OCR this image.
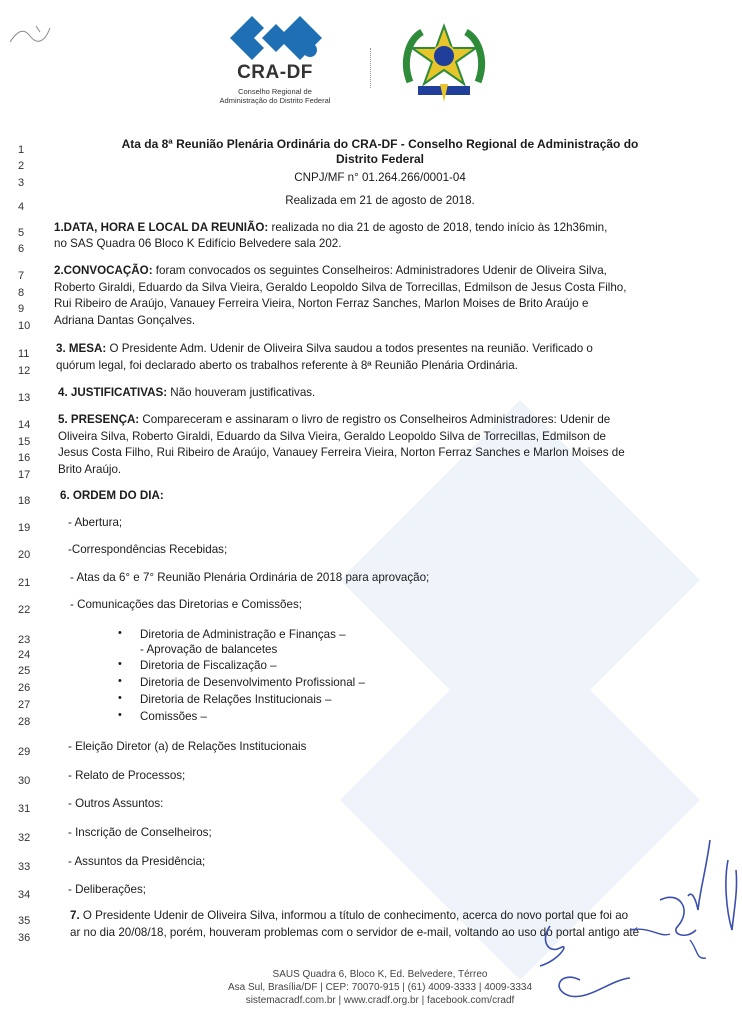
CRA-DF
Conselho Regional de
Administração do Distrito Federal
1
2
3
4
5
6
7
8
9
10
11
12
13
14
15
16
17
18
19
20
21
22
23
24
25
26
27
28
29
30
31
32
33
34
35
36
Ata da 8ª Reunião Plenária Ordinária do CRA-DF - Conselho Regional de Administração do
Distrito Federal
CNPJ/MF n° 01.264.266/0001-04
Realizada em 21 de agosto de 2018.
1.DATA, HORA E LOCAL DA REUNIÃO: realizada no dia 21 de agosto de 2018, tendo início às 12h36min,
no SAS Quadra 06 Bloco K Edifício Belvedere sala 202.
2.CONVOCAÇÃO: foram convocados os seguintes Conselheiros: Administradores Udenir de Oliveira Silva,
Roberto Giraldi, Eduardo da Silva Vieira, Geraldo Leopoldo Silva de Torrecillas, Edmilson de Jesus Costa Filho,
Rui Ribeiro de Araújo, Vanauey Ferreira Vieira, Norton Ferraz Sanches, Marlon Moises de Brito Araújo e
Adriana Dantas Gonçalves.
3. MESA: O Presidente Adm. Udenir de Oliveira Silva saudou a todos presentes na reunião. Verificado o
quórum legal, foi declarado aberto os trabalhos referente à 8ª Reunião Plenária Ordinária.
4. JUSTIFICATIVAS: Não houveram justificativas.
5. PRESENÇA: Compareceram e assinaram o livro de registro os Conselheiros Administradores: Udenir de
Oliveira Silva, Roberto Giraldi, Eduardo da Silva Vieira, Geraldo Leopoldo Silva de Torrecillas, Edmilson de
Jesus Costa Filho, Rui Ribeiro de Araújo, Vanauey Ferreira Vieira, Norton Ferraz Sanches e Marlon Moises de
Brito Araújo.
6. ORDEM DO DIA:
- Abertura;
-Correspondências Recebidas;
- Atas da 6° e 7° Reunião Plenária Ordinária de 2018 para aprovação;
- Comunicações das Diretorias e Comissões;
• Diretoria de Administração e Finanças –
- Aprovação de balancetes
• Diretoria de Fiscalização –
• Diretoria de Desenvolvimento Profissional –
• Diretoria de Relações Institucionais –
• Comissões –
- Eleição Diretor (a) de Relações Institucionais
- Relato de Processos;
- Outros Assuntos:
- Inscrição de Conselheiros;
- Assuntos da Presidência;
- Deliberações;
7. O Presidente Udenir de Oliveira Silva, informou a título de conhecimento, acerca do novo portal que foi ao
ar no dia 20/08/18, porém, houveram problemas com o servidor de e-mail, voltando ao uso do portal antigo até
SAUS Quadra 6, Bloco K, Ed. Belvedere, Térreo
Asa Sul, Brasília/DF | CEP: 70070-915 | (61) 4009-3333 | 4009-3334
sistemacradf.com.br | www.cradf.org.br | facebook.com/cradf
